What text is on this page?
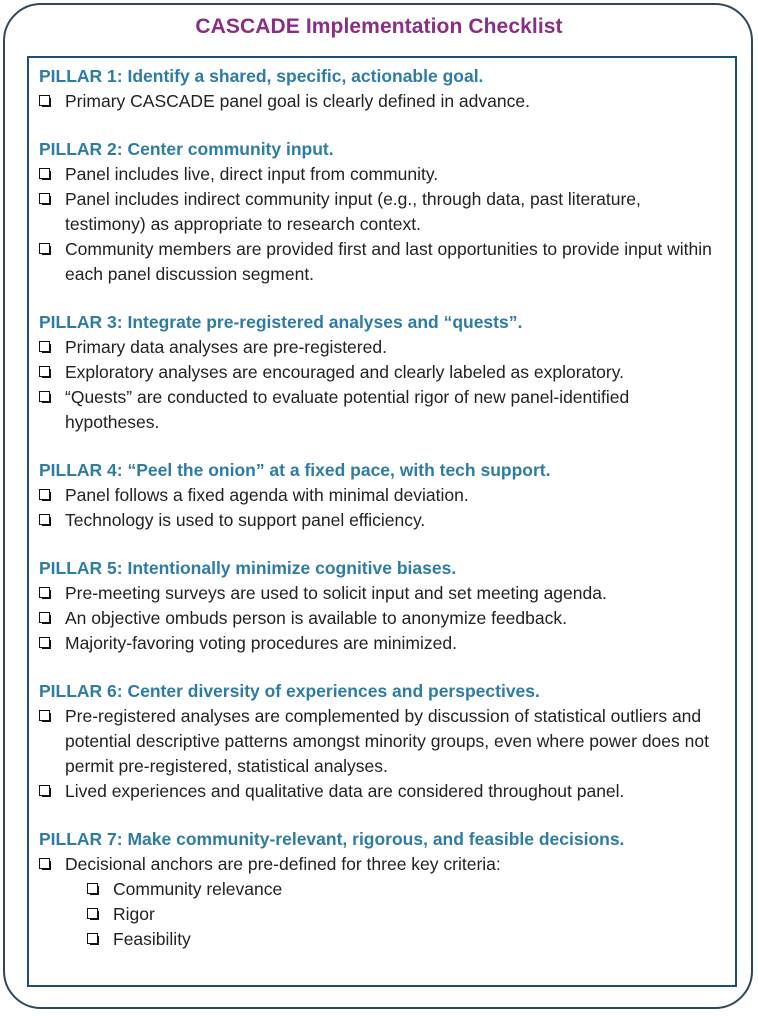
CASCADE Implementation Checklist
PILLAR 1: Identify a shared, specific, actionable goal.
Primary CASCADE panel goal is clearly defined in advance.
PILLAR 2: Center community input.
Panel includes live, direct input from community.
Panel includes indirect community input (e.g., through data, past literature, testimony) as appropriate to research context.
Community members are provided first and last opportunities to provide input within each panel discussion segment.
PILLAR 3: Integrate pre-registered analyses and “quests”.
Primary data analyses are pre-registered.
Exploratory analyses are encouraged and clearly labeled as exploratory.
“Quests” are conducted to evaluate potential rigor of new panel-identified hypotheses.
PILLAR 4: “Peel the onion” at a fixed pace, with tech support.
Panel follows a fixed agenda with minimal deviation.
Technology is used to support panel efficiency.
PILLAR 5: Intentionally minimize cognitive biases.
Pre-meeting surveys are used to solicit input and set meeting agenda.
An objective ombuds person is available to anonymize feedback.
Majority-favoring voting procedures are minimized.
PILLAR 6: Center diversity of experiences and perspectives.
Pre-registered analyses are complemented by discussion of statistical outliers and potential descriptive patterns amongst minority groups, even where power does not permit pre-registered, statistical analyses.
Lived experiences and qualitative data are considered throughout panel.
PILLAR 7: Make community-relevant, rigorous, and feasible decisions.
Decisional anchors are pre-defined for three key criteria:
Community relevance
Rigor
Feasibility
